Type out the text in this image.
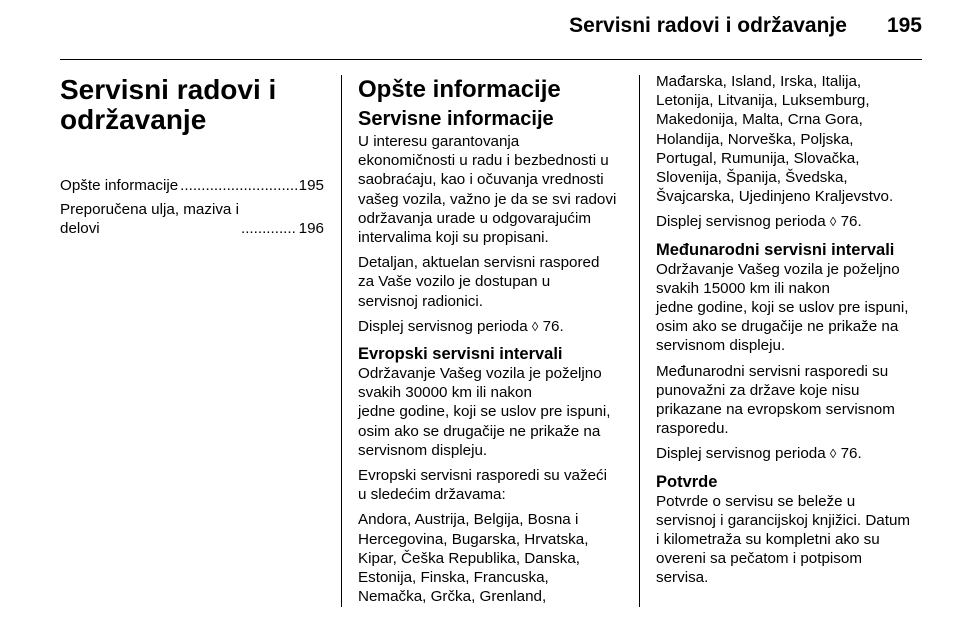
Servisni radovi i održavanje 195
Servisni radovi i
održavanje
Opšte informacije .....	195
Preporučena ulja, maziva i
delovi .....	196
Opšte informacije
Servisne informacije

U interesu garantovanja
ekonomičnosti u radu i bezbednosti u
saobraćaju, kao i očuvanja vrednosti
vašeg vozila, važno je da se svi radovi
održavanja urade u odgovarajućim
intervalima koji su propisani.

Detaljan, aktuelan servisni raspored
za Vaše vozilo je dostupan u
servisnoj radionici.

Displej servisnog perioda ◊ 76.

Evropski servisni intervali

Održavanje Vašeg vozila je poželjno
svakih 30000 km ili nakon
jedne godine, koji se uslov pre ispuni,
osim ako se drugačije ne prikaže na
servisnom displeju.

Evropski servisni rasporedi su važeći
u sledećim državama:

Andora, Austrija, Belgija, Bosna i
Hercegovina, Bugarska, Hrvatska,
Kipar, Češka Republika, Danska,
Estonija, Finska, Francuska,
Nemačka, Grčka, Grenland,

Mađarska, Island, Irska, Italija,
Letonija, Litvanija, Luksemburg,
Makedonija, Malta, Crna Gora,
Holandija, Norveška, Poljska,
Portugal, Rumunija, Slovačka,
Slovenija, Španija, Švedska,
Švajcarska, Ujedinjeno Kraljevstvo.

Displej servisnog perioda ◊ 76.

Međunarodni servisni intervali

Održavanje Vašeg vozila je poželjno
svakih 15000 km ili nakon
jedne godine, koji se uslov pre ispuni,
osim ako se drugačije ne prikaže na
servisnom displeju.

Međunarodni servisni rasporedi su
punovažni za države koje nisu
prikazane na evropskom servisnom
rasporedu.

Displej servisnog perioda ◊ 76.

Potvrde

Potvrde o servisu se beleže u
servisnoj i garancijskoj knjižici. Datum
i kilometraža su kompletni ako su
overeni sa pečatom i potpisom
servisa.
